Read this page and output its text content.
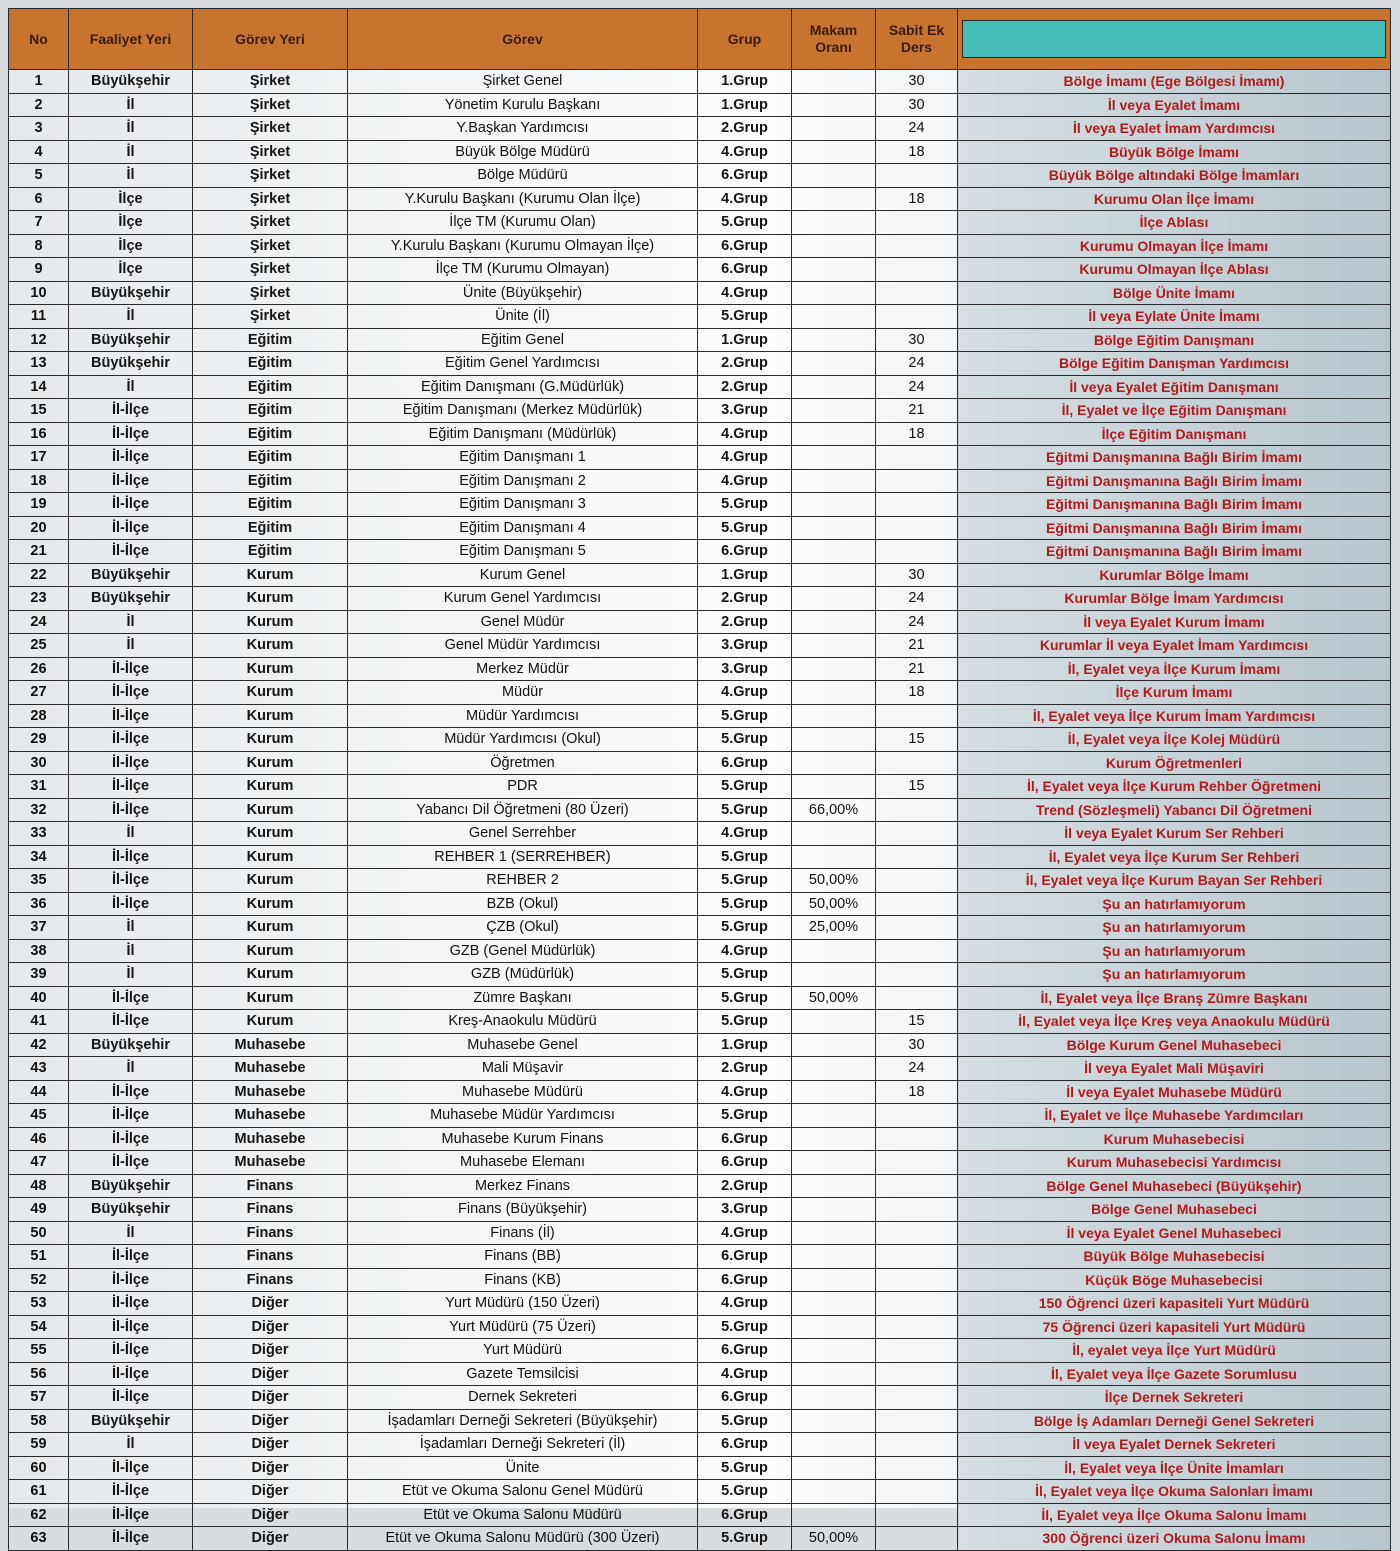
No	Faaliyet Yeri	Görev Yeri	Görev	Grup	Makam Oranı	Sabit Ek Ders	

1	Büyükşehir	Şirket	Şirket Genel	1.Grup		30	Bölge İmamı (Ege Bölgesi İmamı)
2	İl	Şirket	Yönetim Kurulu Başkanı	1.Grup		30	İl veya Eyalet İmamı
3	İl	Şirket	Y.Başkan Yardımcısı	2.Grup		24	İl veya Eyalet İmam Yardımcısı
4	İl	Şirket	Büyük Bölge Müdürü	4.Grup		18	Büyük Bölge İmamı
5	İl	Şirket	Bölge Müdürü	6.Grup			Büyük Bölge altındaki Bölge İmamları
6	İlçe	Şirket	Y.Kurulu Başkanı (Kurumu Olan İlçe)	4.Grup		18	Kurumu Olan İlçe İmamı
7	İlçe	Şirket	İlçe TM (Kurumu Olan)	5.Grup			İlçe Ablası
8	İlçe	Şirket	Y.Kurulu Başkanı (Kurumu Olmayan İlçe)	6.Grup			Kurumu Olmayan İlçe İmamı
9	İlçe	Şirket	İlçe TM (Kurumu Olmayan)	6.Grup			Kurumu Olmayan İlçe Ablası
10	Büyükşehir	Şirket	Ünite (Büyükşehir)	4.Grup			Bölge Ünite İmamı
11	İl	Şirket	Ünite (İl)	5.Grup			İl veya Eylate Ünite İmamı
12	Büyükşehir	Eğitim	Eğitim Genel	1.Grup		30	Bölge Eğitim Danışmanı
13	Büyükşehir	Eğitim	Eğitim Genel Yardımcısı	2.Grup		24	Bölge Eğitim Danışman Yardımcısı
14	İl	Eğitim	Eğitim Danışmanı (G.Müdürlük)	2.Grup		24	İl veya Eyalet Eğitim Danışmanı
15	İl-İlçe	Eğitim	Eğitim Danışmanı (Merkez Müdürlük)	3.Grup		21	İl, Eyalet ve İlçe Eğitim Danışmanı
16	İl-İlçe	Eğitim	Eğitim Danışmanı (Müdürlük)	4.Grup		18	İlçe Eğitim Danışmanı
17	İl-İlçe	Eğitim	Eğitim Danışmanı 1	4.Grup			Eğitmi Danışmanına Bağlı Birim İmamı
18	İl-İlçe	Eğitim	Eğitim Danışmanı 2	4.Grup			Eğitmi Danışmanına Bağlı Birim İmamı
19	İl-İlçe	Eğitim	Eğitim Danışmanı 3	5.Grup			Eğitmi Danışmanına Bağlı Birim İmamı
20	İl-İlçe	Eğitim	Eğitim Danışmanı 4	5.Grup			Eğitmi Danışmanına Bağlı Birim İmamı
21	İl-İlçe	Eğitim	Eğitim Danışmanı 5	6.Grup			Eğitmi Danışmanına Bağlı Birim İmamı
22	Büyükşehir	Kurum	Kurum Genel	1.Grup		30	Kurumlar Bölge İmamı
23	Büyükşehir	Kurum	Kurum Genel Yardımcısı	2.Grup		24	Kurumlar Bölge İmam Yardımcısı
24	İl	Kurum	Genel Müdür	2.Grup		24	İl veya Eyalet Kurum İmamı
25	İl	Kurum	Genel Müdür Yardımcısı	3.Grup		21	Kurumlar İl veya Eyalet İmam Yardımcısı
26	İl-İlçe	Kurum	Merkez Müdür	3.Grup		21	İl, Eyalet veya İlçe Kurum İmamı
27	İl-İlçe	Kurum	Müdür	4.Grup		18	İlçe Kurum İmamı
28	İl-İlçe	Kurum	Müdür Yardımcısı	5.Grup			İl, Eyalet veya İlçe Kurum İmam Yardımcısı
29	İl-İlçe	Kurum	Müdür Yardımcısı (Okul)	5.Grup		15	İl, Eyalet veya İlçe Kolej Müdürü
30	İl-İlçe	Kurum	Öğretmen	6.Grup			Kurum Öğretmenleri
31	İl-İlçe	Kurum	PDR	5.Grup		15	İl, Eyalet veya İlçe Kurum Rehber Öğretmeni
32	İl-İlçe	Kurum	Yabancı Dil Öğretmeni (80 Üzeri)	5.Grup	66,00%		Trend (Sözleşmeli) Yabancı Dil Öğretmeni
33	İl	Kurum	Genel Serrehber	4.Grup			İl veya Eyalet Kurum Ser Rehberi
34	İl-İlçe	Kurum	REHBER 1 (SERREHBER)	5.Grup			İl, Eyalet veya İlçe Kurum Ser Rehberi
35	İl-İlçe	Kurum	REHBER 2	5.Grup	50,00%		İl, Eyalet veya İlçe Kurum Bayan Ser Rehberi
36	İl-İlçe	Kurum	BZB (Okul)	5.Grup	50,00%		Şu an hatırlamıyorum
37	İl	Kurum	ÇZB (Okul)	5.Grup	25,00%		Şu an hatırlamıyorum
38	İl	Kurum	GZB (Genel Müdürlük)	4.Grup			Şu an hatırlamıyorum
39	İl	Kurum	GZB (Müdürlük)	5.Grup			Şu an hatırlamıyorum
40	İl-İlçe	Kurum	Zümre Başkanı	5.Grup	50,00%		İl, Eyalet veya İlçe Branş Zümre Başkanı
41	İl-İlçe	Kurum	Kreş-Anaokulu Müdürü	5.Grup		15	İl, Eyalet veya İlçe Kreş veya Anaokulu Müdürü
42	Büyükşehir	Muhasebe	Muhasebe Genel	1.Grup		30	Bölge Kurum Genel Muhasebeci
43	İl	Muhasebe	Mali Müşavir	2.Grup		24	İl veya Eyalet Mali Müşaviri
44	İl-İlçe	Muhasebe	Muhasebe Müdürü	4.Grup		18	İl veya Eyalet Muhasebe Müdürü
45	İl-İlçe	Muhasebe	Muhasebe Müdür Yardımcısı	5.Grup			İl, Eyalet ve İlçe Muhasebe Yardımcıları
46	İl-İlçe	Muhasebe	Muhasebe Kurum Finans	6.Grup			Kurum Muhasebecisi
47	İl-İlçe	Muhasebe	Muhasebe Elemanı	6.Grup			Kurum Muhasebecisi Yardımcısı
48	Büyükşehir	Finans	Merkez Finans	2.Grup			Bölge Genel Muhasebeci (Büyükşehir)
49	Büyükşehir	Finans	Finans (Büyükşehir)	3.Grup			Bölge Genel Muhasebeci
50	İl	Finans	Finans (İl)	4.Grup			İl veya Eyalet Genel Muhasebeci
51	İl-İlçe	Finans	Finans (BB)	6.Grup			Büyük Bölge Muhasebecisi
52	İl-İlçe	Finans	Finans (KB)	6.Grup			Küçük Böge Muhasebecisi
53	İl-İlçe	Diğer	Yurt Müdürü (150 Üzeri)	4.Grup			150 Öğrenci üzeri kapasiteli Yurt Müdürü
54	İl-İlçe	Diğer	Yurt Müdürü (75 Üzeri)	5.Grup			75 Öğrenci üzeri kapasiteli Yurt Müdürü
55	İl-İlçe	Diğer	Yurt Müdürü	6.Grup			İl, eyalet veya İlçe Yurt Müdürü
56	İl-İlçe	Diğer	Gazete Temsilcisi	4.Grup			İl, Eyalet veya İlçe Gazete Sorumlusu
57	İl-İlçe	Diğer	Dernek Sekreteri	6.Grup			İlçe Dernek Sekreteri
58	Büyükşehir	Diğer	İşadamları Derneği Sekreteri (Büyükşehir)	5.Grup			Bölge İş Adamları Derneği Genel Sekreteri
59	İl	Diğer	İşadamları Derneği Sekreteri (İl)	6.Grup			İl veya Eyalet Dernek Sekreteri
60	İl-İlçe	Diğer	Ünite	5.Grup			İl, Eyalet veya İlçe Ünite İmamları
61	İl-İlçe	Diğer	Etüt ve Okuma Salonu Genel Müdürü	5.Grup			İl, Eyalet veya İlçe Okuma Salonları İmamı
62	İl-İlçe	Diğer	Etüt ve Okuma Salonu Müdürü	6.Grup			İl, Eyalet veya İlçe Okuma Salonu İmamı
63	İl-İlçe	Diğer	Etüt ve Okuma Salonu Müdürü (300 Üzeri)	5.Grup	50,00%		300 Öğrenci üzeri Okuma Salonu İmamı
